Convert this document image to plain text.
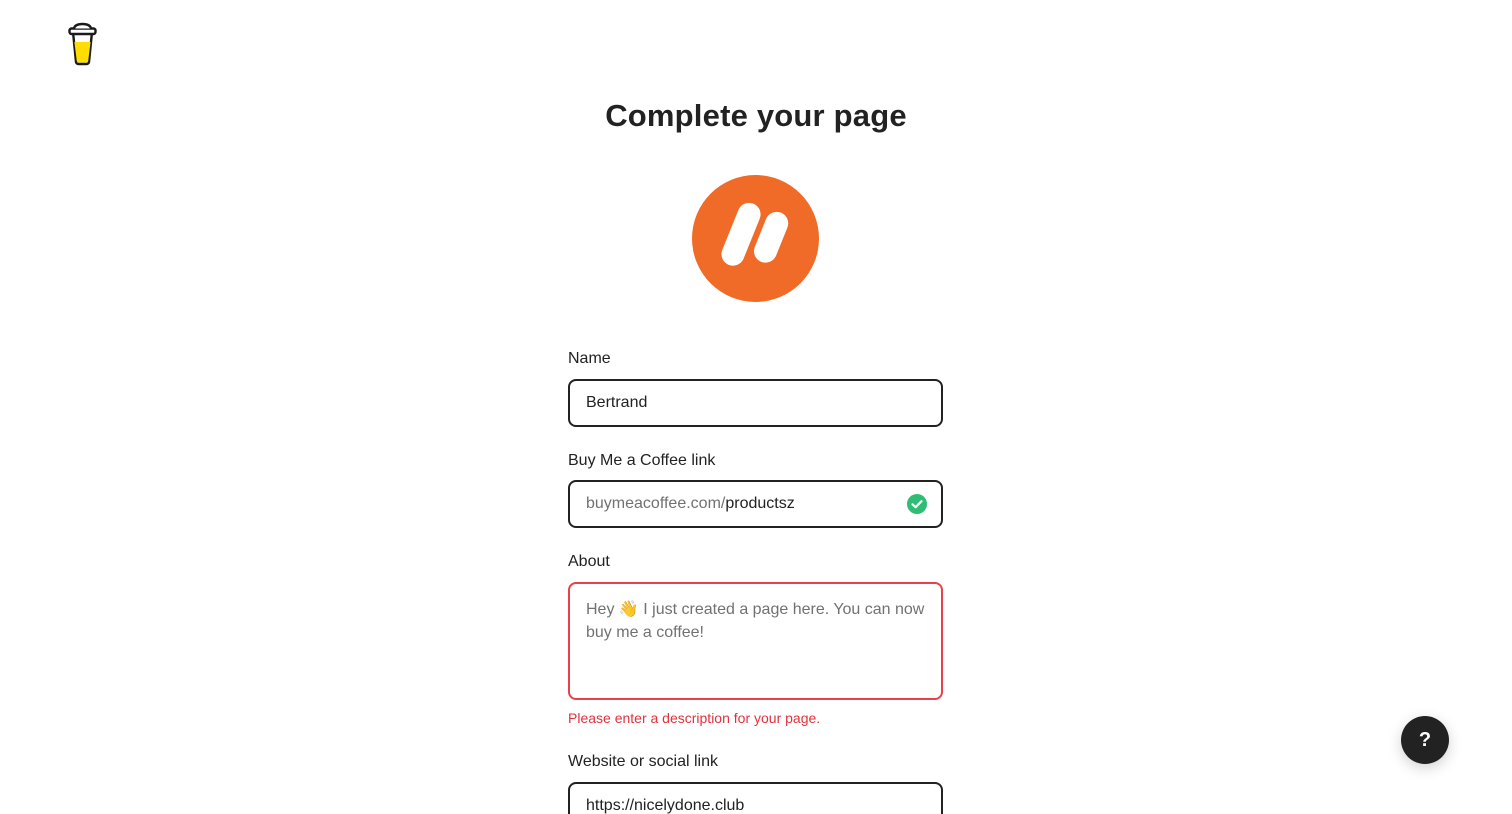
Complete your page
Name
Bertrand
Buy Me a Coffee link
buymeacoffee.com/ productsz
About
Hey 👋 I just created a page here. You can now buy me a coffee!
Please enter a description for your page.
Website or social link
https://nicelydone.club
?
